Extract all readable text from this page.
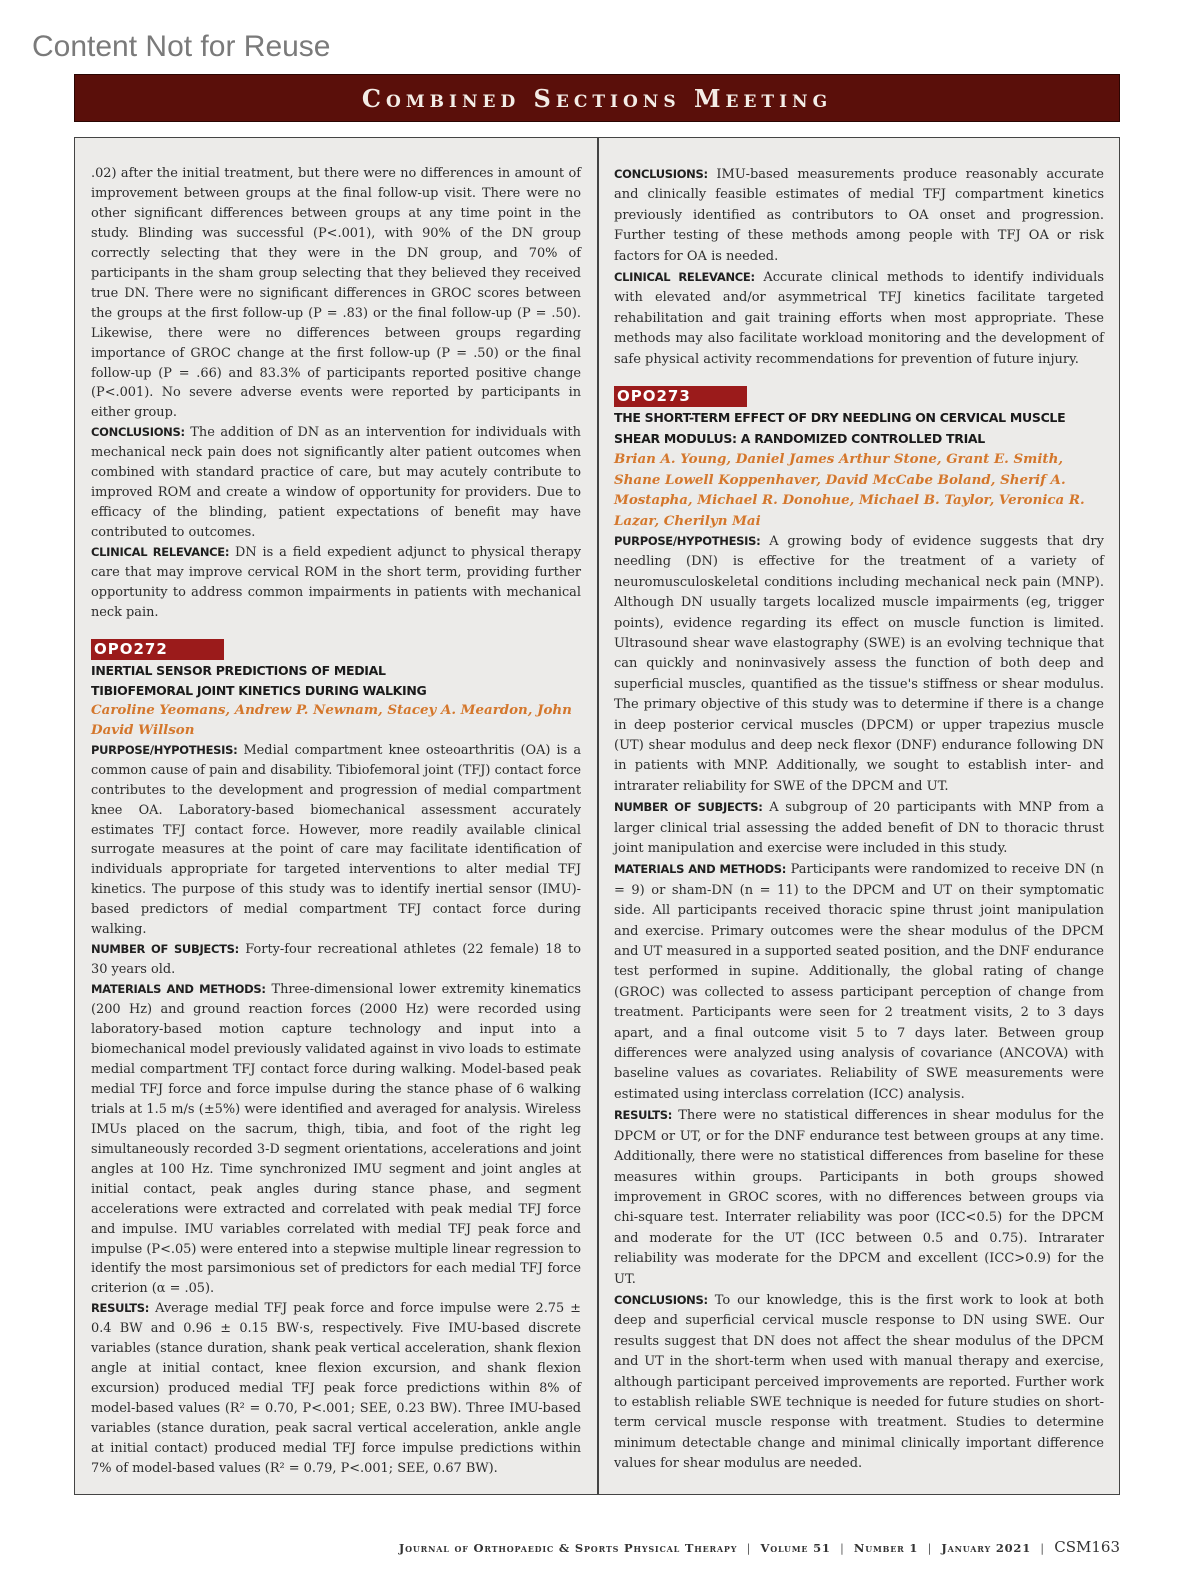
Content Not for Reuse
Combined Sections Meeting

.02) after the initial treatment, but there were no differences in amount of improvement between groups at the final follow-up visit. There were no other significant differences between groups at any time point in the study. Blinding was successful (P<.001), with 90% of the DN group correctly selecting that they were in the DN group, and 70% of participants in the sham group selecting that they believed they received true DN. There were no significant differences in GROC scores between the groups at the first follow-up (P = .83) or the final follow-up (P = .50). Likewise, there were no differences between groups regarding importance of GROC change at the first follow-up (P = .50) or the final follow-up (P = .66) and 83.3% of participants reported positive change (P<.001). No severe adverse events were reported by participants in either group.

CONCLUSIONS: The addition of DN as an intervention for individuals with mechanical neck pain does not significantly alter patient outcomes when combined with standard practice of care, but may acutely contribute to improved ROM and create a window of opportunity for providers. Due to efficacy of the blinding, patient expectations of benefit may have contributed to outcomes.

CLINICAL RELEVANCE: DN is a field expedient adjunct to physical therapy care that may improve cervical ROM in the short term, providing further opportunity to address common impairments in patients with mechanical neck pain.

OPO272
INERTIAL SENSOR PREDICTIONS OF MEDIAL
TIBIOFEMORAL JOINT KINETICS DURING WALKING
Caroline Yeomans, Andrew P. Newnam, Stacey A. Meardon, John David Willson

PURPOSE/HYPOTHESIS: Medial compartment knee osteoarthritis (OA) is a common cause of pain and disability. Tibiofemoral joint (TFJ) contact force contributes to the development and progression of medial compartment knee OA. Laboratory-based biomechanical assessment accurately estimates TFJ contact force. However, more readily available clinical surrogate measures at the point of care may facilitate identification of individuals appropriate for targeted interventions to alter medial TFJ kinetics. The purpose of this study was to identify inertial sensor (IMU)-based predictors of medial compartment TFJ contact force during walking.

NUMBER OF SUBJECTS: Forty-four recreational athletes (22 female) 18 to 30 years old.

MATERIALS AND METHODS: Three-dimensional lower extremity kinematics (200 Hz) and ground reaction forces (2000 Hz) were recorded using laboratory-based motion capture technology and input into a biomechanical model previously validated against in vivo loads to estimate medial compartment TFJ contact force during walking. Model-based peak medial TFJ force and force impulse during the stance phase of 6 walking trials at 1.5 m/s (±5%) were identified and averaged for analysis. Wireless IMUs placed on the sacrum, thigh, tibia, and foot of the right leg simultaneously recorded 3-D segment orientations, accelerations and joint angles at 100 Hz. Time synchronized IMU segment and joint angles at initial contact, peak angles during stance phase, and segment accelerations were extracted and correlated with peak medial TFJ force and impulse. IMU variables correlated with medial TFJ peak force and impulse (P<.05) were entered into a stepwise multiple linear regression to identify the most parsimonious set of predictors for each medial TFJ force criterion (α = .05).

RESULTS: Average medial TFJ peak force and force impulse were 2.75 ± 0.4 BW and 0.96 ± 0.15 BW·s, respectively. Five IMU-based discrete variables (stance duration, shank peak vertical acceleration, shank flexion angle at initial contact, knee flexion excursion, and shank flexion excursion) produced medial TFJ peak force predictions within 8% of model-based values (R² = 0.70, P<.001; SEE, 0.23 BW). Three IMU-based variables (stance duration, peak sacral vertical acceleration, ankle angle at initial contact) produced medial TFJ force impulse predictions within 7% of model-based values (R² = 0.79, P<.001; SEE, 0.67 BW).

CONCLUSIONS: IMU-based measurements produce reasonably accurate and clinically feasible estimates of medial TFJ compartment kinetics previously identified as contributors to OA onset and progression. Further testing of these methods among people with TFJ OA or risk factors for OA is needed.

CLINICAL RELEVANCE: Accurate clinical methods to identify individuals with elevated and/or asymmetrical TFJ kinetics facilitate targeted rehabilitation and gait training efforts when most appropriate. These methods may also facilitate workload monitoring and the development of safe physical activity recommendations for prevention of future injury.

OPO273
THE SHORT-TERM EFFECT OF DRY NEEDLING ON CERVICAL MUSCLE
SHEAR MODULUS: A RANDOMIZED CONTROLLED TRIAL
Brian A. Young, Daniel James Arthur Stone, Grant E. Smith, Shane Lowell Koppenhaver, David McCabe Boland, Sherif A. Mostapha, Michael R. Donohue, Michael B. Taylor, Veronica R. Lazar, Cherilyn Mai

PURPOSE/HYPOTHESIS: A growing body of evidence suggests that dry needling (DN) is effective for the treatment of a variety of neuromusculoskeletal conditions including mechanical neck pain (MNP). Although DN usually targets localized muscle impairments (eg, trigger points), evidence regarding its effect on muscle function is limited. Ultrasound shear wave elastography (SWE) is an evolving technique that can quickly and noninvasively assess the function of both deep and superficial muscles, quantified as the tissue's stiffness or shear modulus. The primary objective of this study was to determine if there is a change in deep posterior cervical muscles (DPCM) or upper trapezius muscle (UT) shear modulus and deep neck flexor (DNF) endurance following DN in patients with MNP. Additionally, we sought to establish inter- and intrarater reliability for SWE of the DPCM and UT.

NUMBER OF SUBJECTS: A subgroup of 20 participants with MNP from a larger clinical trial assessing the added benefit of DN to thoracic thrust joint manipulation and exercise were included in this study.

MATERIALS AND METHODS: Participants were randomized to receive DN (n = 9) or sham-DN (n = 11) to the DPCM and UT on their symptomatic side. All participants received thoracic spine thrust joint manipulation and exercise. Primary outcomes were the shear modulus of the DPCM and UT measured in a supported seated position, and the DNF endurance test performed in supine. Additionally, the global rating of change (GROC) was collected to assess participant perception of change from treatment. Participants were seen for 2 treatment visits, 2 to 3 days apart, and a final outcome visit 5 to 7 days later. Between group differences were analyzed using analysis of covariance (ANCOVA) with baseline values as covariates. Reliability of SWE measurements were estimated using interclass correlation (ICC) analysis.

RESULTS: There were no statistical differences in shear modulus for the DPCM or UT, or for the DNF endurance test between groups at any time. Additionally, there were no statistical differences from baseline for these measures within groups. Participants in both groups showed improvement in GROC scores, with no differences between groups via chi-square test. Interrater reliability was poor (ICC<0.5) for the DPCM and moderate for the UT (ICC between 0.5 and 0.75). Intrarater reliability was moderate for the DPCM and excellent (ICC>0.9) for the UT.

CONCLUSIONS: To our knowledge, this is the first work to look at both deep and superficial cervical muscle response to DN using SWE. Our results suggest that DN does not affect the shear modulus of the DPCM and UT in the short-term when used with manual therapy and exercise, although participant perceived improvements are reported. Further work to establish reliable SWE technique is needed for future studies on short-term cervical muscle response with treatment. Studies to determine minimum detectable change and minimal clinically important difference values for shear modulus are needed.

Journal of Orthopaedic & Sports Physical Therapy  |  Volume 51  |  Number 1  |  January 2021  |  CSM163
